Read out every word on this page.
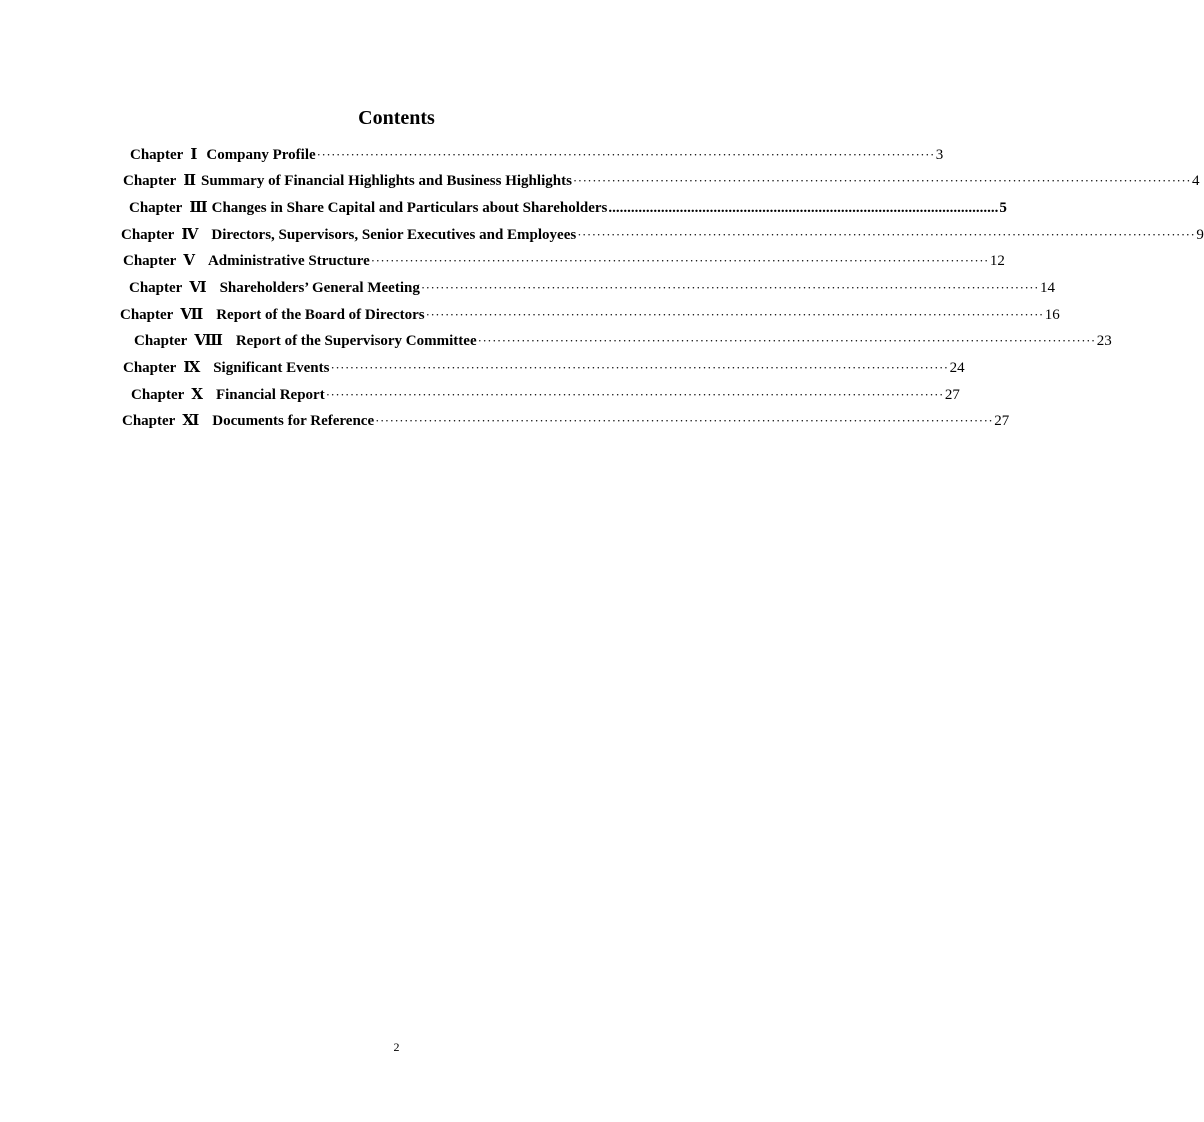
Contents
Chapter Ⅰ Company Profile ································································································································ 3
Chapter Ⅱ Summary of Financial Highlights and Business Highlights ································································································································ 4
Chapter Ⅲ Changes in Share Capital and Particulars about Shareholders ........................................................................................................ 5
Chapter Ⅳ Directors, Supervisors, Senior Executives and Employees ································································································································ 9
Chapter Ⅴ Administrative Structure ································································································································ 12
Chapter Ⅵ Shareholders’ General Meeting ································································································································ 14
Chapter Ⅶ Report of the Board of Directors ································································································································ 16
Chapter Ⅷ Report of the Supervisory Committee ································································································································ 23
Chapter Ⅸ Significant Events ································································································································ 24
Chapter Ⅹ Financial Report ································································································································ 27
Chapter Ⅺ Documents for Reference ································································································································ 27
2
